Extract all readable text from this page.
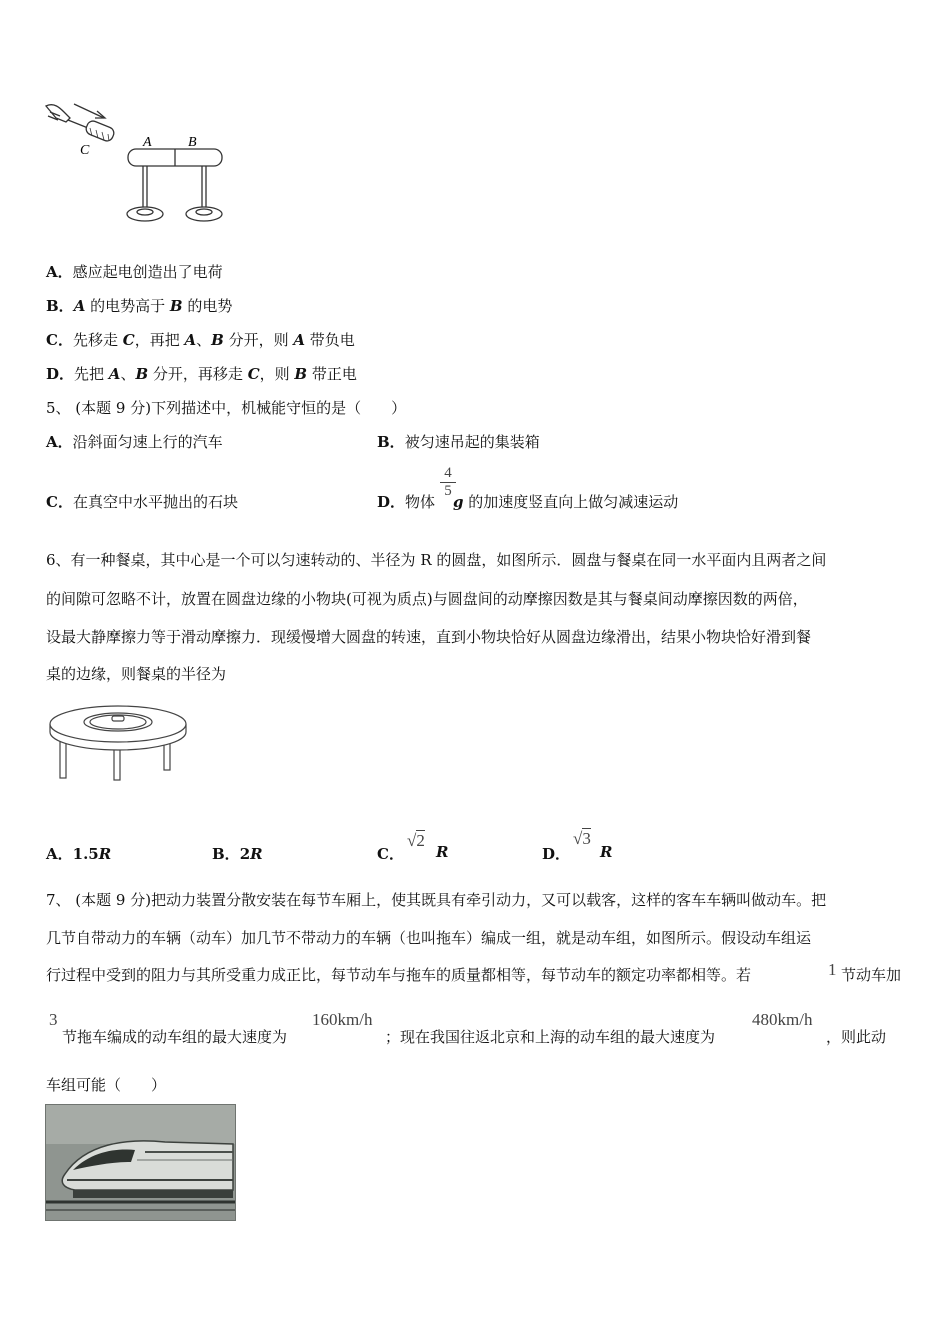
C
A	B
A．感应起电创造出了电荷
B．A 的电势高于 B 的电势
C．先移走 C，再把 A、B 分开，则 A 带负电
D．先把 A、B 分开，再移走 C，则 B 带正电
5、 (本题 9 分)下列描述中，机械能守恒的是（　　）
A．沿斜面匀速上行的汽车	B．被匀速吊起的集装箱
C．在真空中水平抛出的石块	D．物体 g 的加速度竖直向上做匀减速运动
$\frac{4}{5}$
6、有一种餐桌，其中心是一个可以匀速转动的、半径为 R 的圆盘，如图所示．圆盘与餐桌在同一水平面内且两者之间
的间隙可忽略不计，放置在圆盘边缘的小物块(可视为质点)与圆盘间的动摩擦因数是其与餐桌间动摩擦因数的两倍，
设最大静摩擦力等于滑动摩擦力．现缓慢增大圆盘的转速，直到小物块恰好从圆盘边缘滑出，结果小物块恰好滑到餐
桌的边缘，则餐桌的半径为
A．1.5R	B．2R	C．
√2
R	D．
√3
R
7、 (本题 9 分)把动力装置分散安装在每节车厢上，使其既具有牵引动力，又可以载客，这样的客车车辆叫做动车。把
几节自带动力的车辆（动车）加几节不带动力的车辆（也叫拖车）编成一组，就是动车组，如图所示。假设动车组运
行过程中受到的阻力与其所受重力成正比，每节动车与拖车的质量都相等，每节动车的额定功率都相等。若	1 节动车加
3
节拖车编成的动车组的最大速度为
160km/h
；现在我国往返北京和上海的动车组的最大速度为
480km/h
，则此动
车组可能（　　）
